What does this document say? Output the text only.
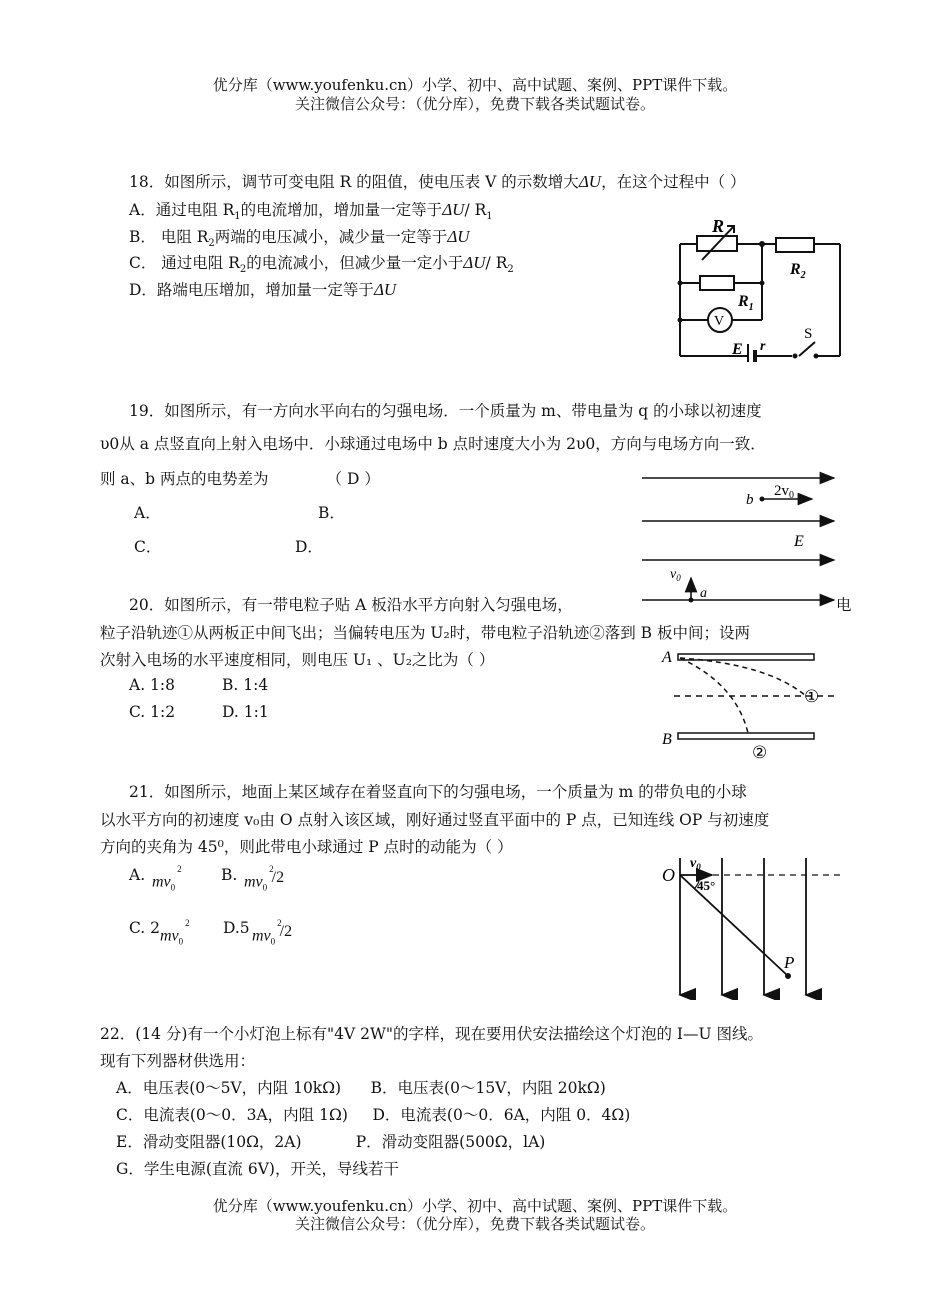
优分库（www.youfenku.cn）小学、初中、高中试题、案例、PPT课件下载。
关注微信公众号：（优分库），免费下载各类试题试卷。
18．如图所示，调节可变电阻 R 的阻值，使电压表 V 的示数增大ΔU，在这个过程中（ ）
A．通过电阻 $R_1$的电流增加，增加量一定等于ΔU/ $R_1$
B． 电阻 $R_2$两端的电压减小，减少量一定等于ΔU
C． 通过电阻 $R_2$的电流减小，但减少量一定小于ΔU/ $R_2$
D．路端电压增加，增加量一定等于ΔU
R
$R_2$
$R_1$
V
E r
S
19．如图所示，有一方向水平向右的匀强电场．一个质量为 m、带电量为 q 的小球以初速度
υ0从 a 点竖直向上射入电场中．小球通过电场中 b 点时速度大小为 2υ0，方向与电场方向一致．
则 a、b 两点的电势差为	（ D ）
A．	B．
C．	D．
b
$2v_0$
E
$v_0$
a
20．如图所示，有一带电粒子贴 A 板沿水平方向射入匀强电场，	电
粒子沿轨迹①从两板正中间飞出；当偏转电压为 U₂时，带电粒子沿轨迹②落到 B 板中间；设两
次射入电场的水平速度相同，则电压 U₁ 、U₂之比为（ ）
A. 1:8	B. 1:4
C. 1:2	D. 1:1
A
B
①
②
21．如图所示，地面上某区域存在着竖直向下的匀强电场，一个质量为 m 的带负电的小球
以水平方向的初速度 v₀由 O 点射入该区域，刚好通过竖直平面中的 P 点，已知连线 OP 与初速度
方向的夹角为 45⁰，则此带电小球通过 P 点时的动能为（ ）
A. $mv_0^2$	B. $mv_0^2/2$
C. 2 $mv_0^2$ D.5 $mv_0^2/2$
O
$v_0$
45°
P
22．(14 分)有一个小灯泡上标有"4V 2W"的字样，现在要用伏安法描绘这个灯泡的 I—U 图线。
现有下列器材供选用：
A．电压表(0～5V，内阻 10kΩ)      B．电压表(0～15V，内阻 20kΩ)
C．电流表(0～0．3A，内阻 1Ω)     D．电流表(0～0．6A，内阻 0．4Ω)
E．滑动变阻器(10Ω，2A)           P．滑动变阻器(500Ω，lA)
G．学生电源(直流 6V)，开关，导线若干
优分库（www.youfenku.cn）小学、初中、高中试题、案例、PPT课件下载。
关注微信公众号：（优分库），免费下载各类试题试卷。
